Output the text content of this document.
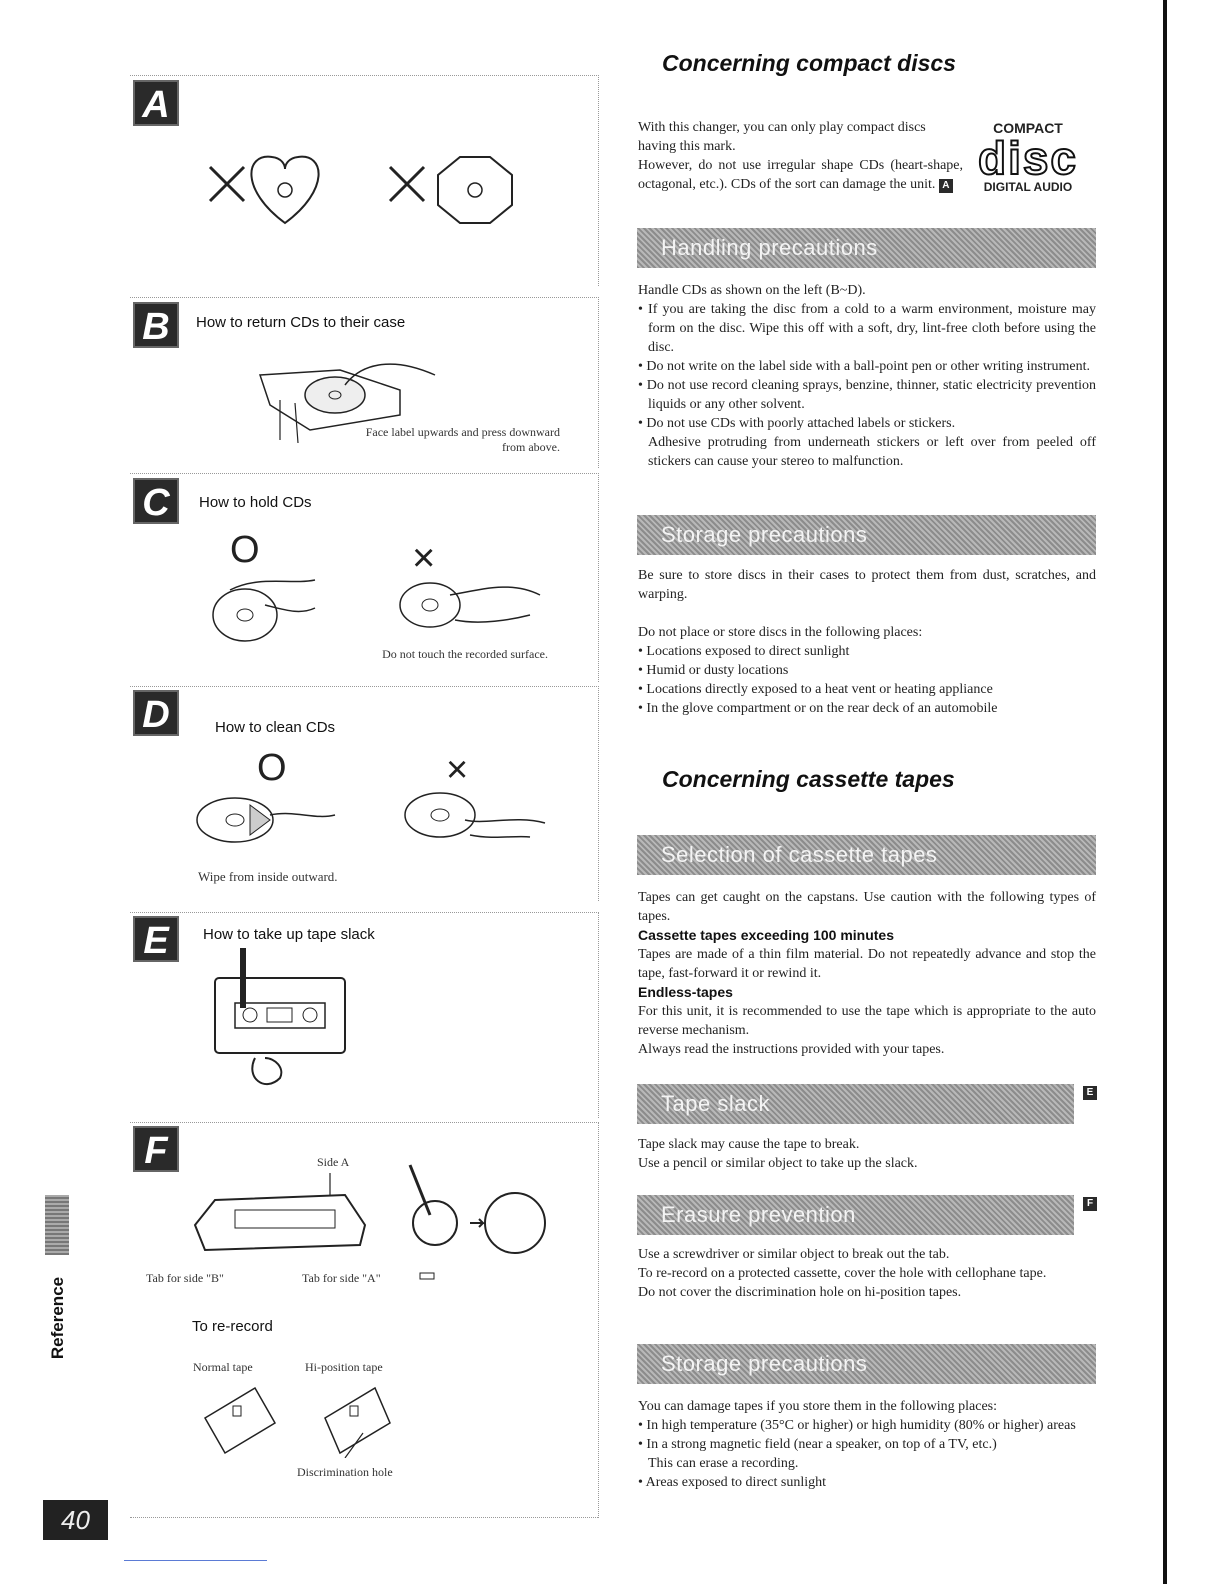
A
B	How to return CDs to their case
Face label upwards and press downward from above.
C	How to hold CDs
O	×
Do not touch the recorded surface.
D	How to clean CDs
O	×
Wipe from inside outward.
E	How to take up tape slack
F	Side A
Tab for side "B"	Tab for side "A"
To re-record
Normal tape	Hi-position tape
Discrimination hole
Reference
40
Concerning compact discs

With this changer, you can only play compact discs having this mark.

However, do not use irregular shape CDs (heart-shape, octagonal, etc.). CDs of the sort can damage the unit. A

COMPACT
disc
DIGITAL AUDIO
Handling precautions

Handle CDs as shown on the left (B~D).

• If you are taking the disc from a cold to a warm environment, moisture may form on the disc. Wipe this off with a soft, dry, lint-free cloth before using the disc.

• Do not write on the label side with a ball-point pen or other writing instrument.

• Do not use record cleaning sprays, benzine, thinner, static electricity prevention liquids or any other solvent.

• Do not use CDs with poorly attached labels or stickers.

Adhesive protruding from underneath stickers or left over from peeled off stickers can cause your stereo to malfunction.

Storage precautions

Be sure to store discs in their cases to protect them from dust, scratches, and warping.

Do not place or store discs in the following places:

• Locations exposed to direct sunlight

• Humid or dusty locations

• Locations directly exposed to a heat vent or heating appliance

• In the glove compartment or on the rear deck of an automobile

Concerning cassette tapes
Selection of cassette tapes

Tapes can get caught on the capstans. Use caution with the following types of tapes.

Cassette tapes exceeding 100 minutes

Tapes are made of a thin film material. Do not repeatedly advance and stop the tape, fast-forward it or rewind it.

Endless-tapes

For this unit, it is recommended to use the tape which is appropriate to the auto reverse mechanism.

Always read the instructions provided with your tapes.

Tape slack	E

Tape slack may cause the tape to break.

Use a pencil or similar object to take up the slack.

Erasure prevention	F

Use a screwdriver or similar object to break out the tab.

To re-record on a protected cassette, cover the hole with cellophane tape.

Do not cover the discrimination hole on hi-position tapes.

Storage precautions

You can damage tapes if you store them in the following places:

• In high temperature (35°C or higher) or high humidity (80% or higher) areas

• In a strong magnetic field (near a speaker, on top of a TV, etc.)

This can erase a recording.

• Areas exposed to direct sunlight
